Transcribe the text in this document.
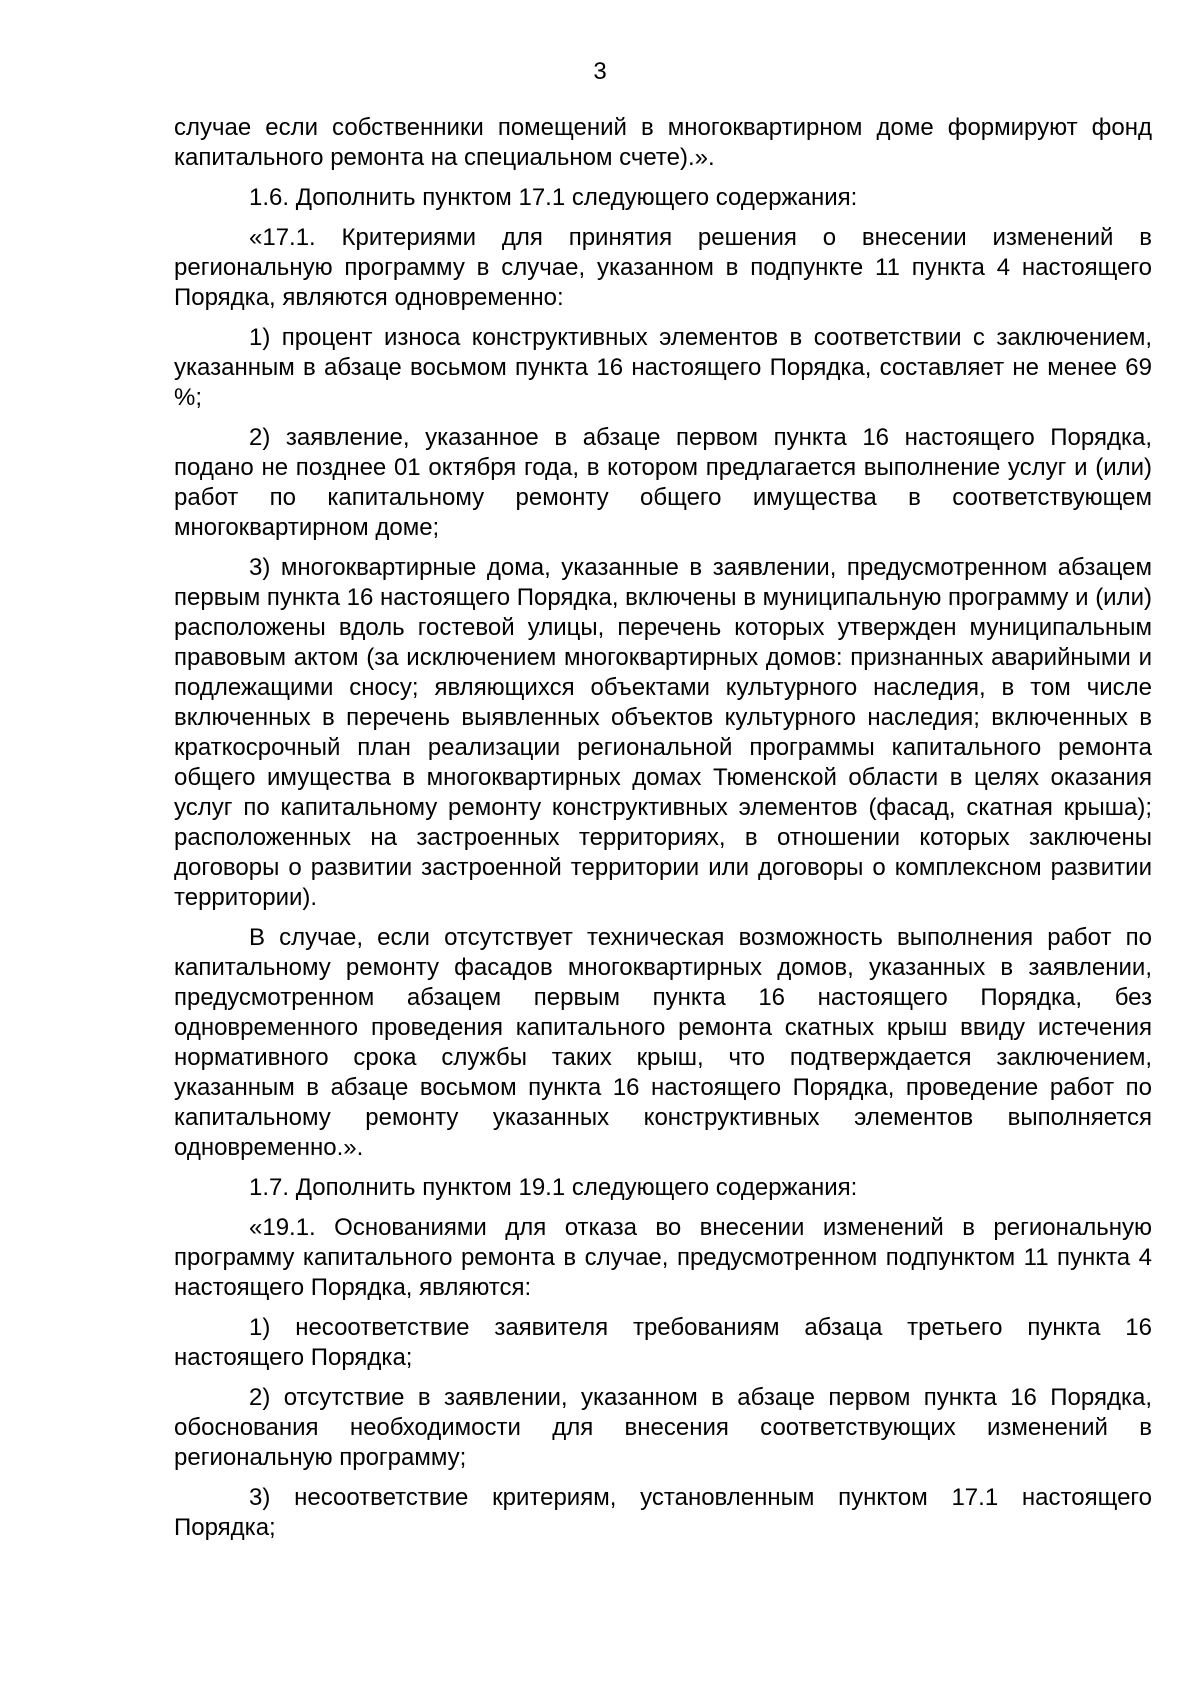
3

случае если собственники помещений в многоквартирном доме формируют фонд капитального ремонта на специальном счете).».

1.6. Дополнить пунктом 17.1 следующего содержания:

«17.1. Критериями для принятия решения о внесении изменений в региональную программу в случае, указанном в подпункте 11 пункта 4 настоящего Порядка, являются одновременно:

1) процент износа конструктивных элементов в соответствии с заключением, указанным в абзаце восьмом пункта 16 настоящего Порядка, составляет не менее 69 %;

2) заявление, указанное в абзаце первом пункта 16 настоящего Порядка, подано не позднее 01 октября года, в котором предлагается выполнение услуг и (или) работ по капитальному ремонту общего имущества в соответствующем многоквартирном доме;

3) многоквартирные дома, указанные в заявлении, предусмотренном абзацем первым пункта 16 настоящего Порядка, включены в муниципальную программу и (или) расположены вдоль гостевой улицы, перечень которых утвержден муниципальным правовым актом (за исключением многоквартирных домов: признанных аварийными и подлежащими сносу; являющихся объектами культурного наследия, в том числе включенных в перечень выявленных объектов культурного наследия; включенных в краткосрочный план реализации региональной программы капитального ремонта общего имущества в многоквартирных домах Тюменской области в целях оказания услуг по капитальному ремонту конструктивных элементов (фасад, скатная крыша); расположенных на застроенных территориях, в отношении которых заключены договоры о развитии застроенной территории или договоры о комплексном развитии территории).

В случае, если отсутствует техническая возможность выполнения работ по капитальному ремонту фасадов многоквартирных домов, указанных в заявлении, предусмотренном абзацем первым пункта 16 настоящего Порядка, без одновременного проведения капитального ремонта скатных крыш ввиду истечения нормативного срока службы таких крыш, что подтверждается заключением, указанным в абзаце восьмом пункта 16 настоящего Порядка, проведение работ по капитальному ремонту указанных конструктивных элементов выполняется одновременно.».

1.7. Дополнить пунктом 19.1 следующего содержания:

«19.1. Основаниями для отказа во внесении изменений в региональную программу капитального ремонта в случае, предусмотренном подпунктом 11 пункта 4 настоящего Порядка, являются:

1) несоответствие заявителя требованиям абзаца третьего пункта 16 настоящего Порядка;

2) отсутствие в заявлении, указанном в абзаце первом пункта 16 Порядка, обоснования необходимости для внесения соответствующих изменений в региональную программу;

3) несоответствие критериям, установленным пунктом 17.1 настоящего Порядка;
